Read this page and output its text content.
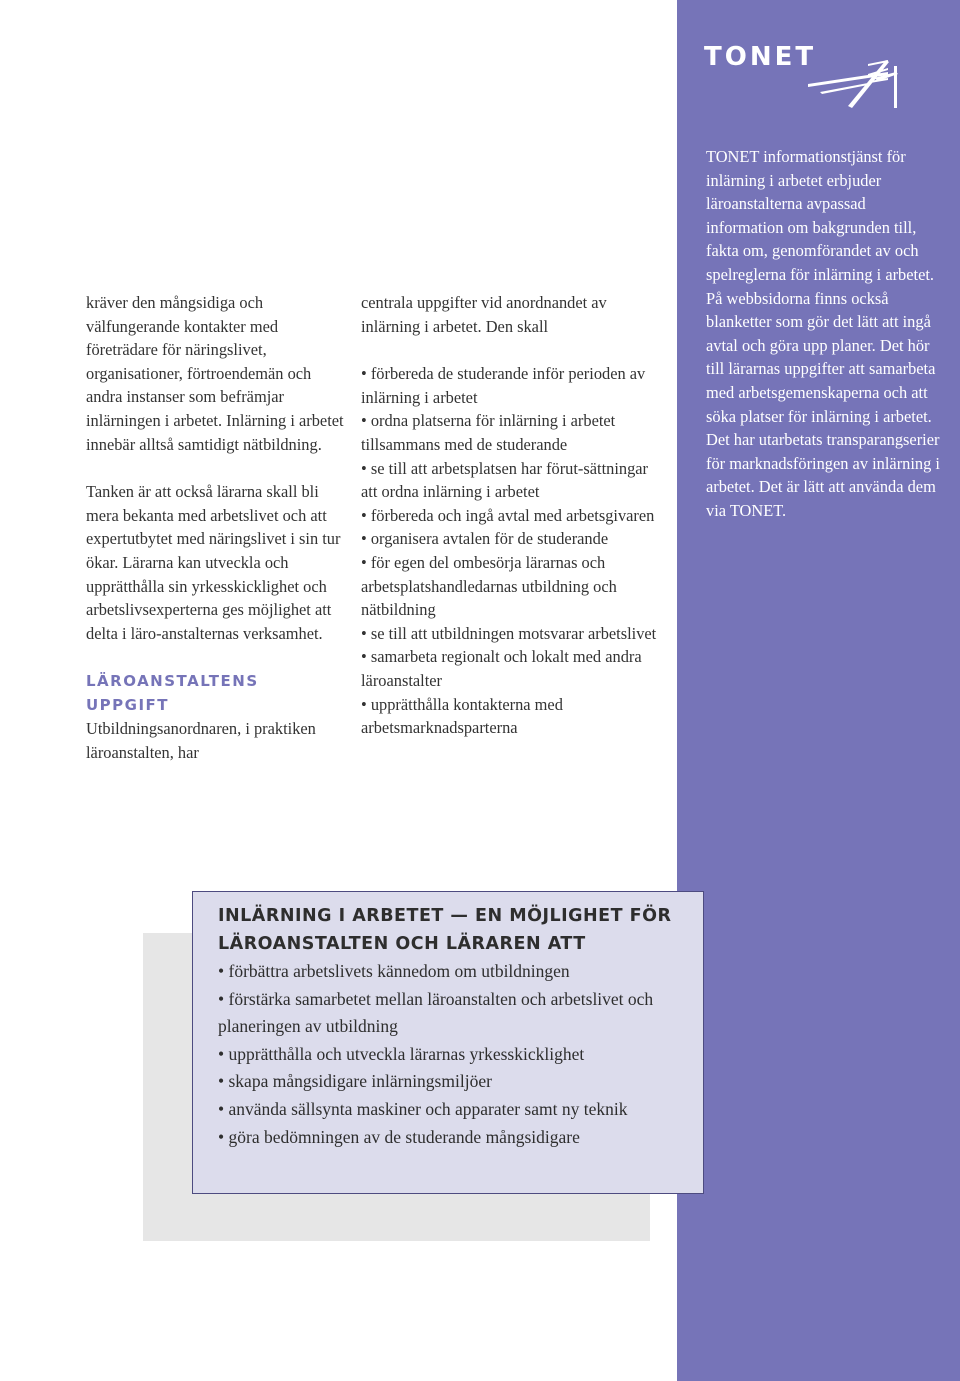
TONET

TONET informationstjänst för inlärning i arbetet erbjuder läroanstalterna avpassad information om bakgrunden till, fakta om, genomförandet av och spelreglerna för inlärning i arbetet. På webbsidorna finns också blanketter som gör det lätt att ingå avtal och göra upp planer. Det hör till lärarnas uppgifter att samarbeta med arbetsgemenskaperna och att söka platser för inlärning i arbetet. Det har utarbetats transparangserier för marknadsföringen av inlärning i arbetet. Det är lätt att använda dem via TONET.

kräver den mångsidiga och välfungerande kontakter med företrädare för näringslivet, organisationer, förtroendemän och andra instanser som befrämjar inlärningen i arbetet. Inlärning i arbetet innebär alltså samtidigt nätbildning.

Tanken är att också lärarna skall bli mera bekanta med arbetslivet och att expertutbytet med näringslivet i sin tur ökar. Lärarna kan utveckla och upprätthålla sin yrkesskicklighet och arbetslivsexperterna ges möjlighet att delta i läro-anstalternas verksamhet.

LÄROANSTALTENS UPPGIFT

Utbildningsanordnaren, i praktiken läroanstalten, har

centrala uppgifter vid anordnandet av inlärning i arbetet. Den skall

• förbereda de studerande inför perioden av inlärning i arbetet
• ordna platserna för inlärning i arbetet tillsammans med de studerande
• se till att arbetsplatsen har förut-sättningar att ordna inlärning i arbetet
• förbereda och ingå avtal med arbetsgivaren
• organisera avtalen för de studerande
• för egen del ombesörja lärarnas och arbetsplatshandledarnas utbildning och nätbildning
• se till att utbildningen motsvarar arbetslivet
• samarbeta regionalt och lokalt med andra läroanstalter
• upprätthålla kontakterna med arbetsmarknadsparterna

INLÄRNING I ARBETET — EN MÖJLIGHET FÖR LÄROANSTALTEN OCH LÄRAREN ATT

• förbättra arbetslivets kännedom om utbildningen
• förstärka samarbetet mellan läroanstalten och arbetslivet och planeringen av utbildning
• upprätthålla och utveckla lärarnas yrkesskicklighet
• skapa mångsidigare inlärningsmiljöer
• använda sällsynta maskiner och apparater samt ny teknik
• göra bedömningen av de studerande mångsidigare
